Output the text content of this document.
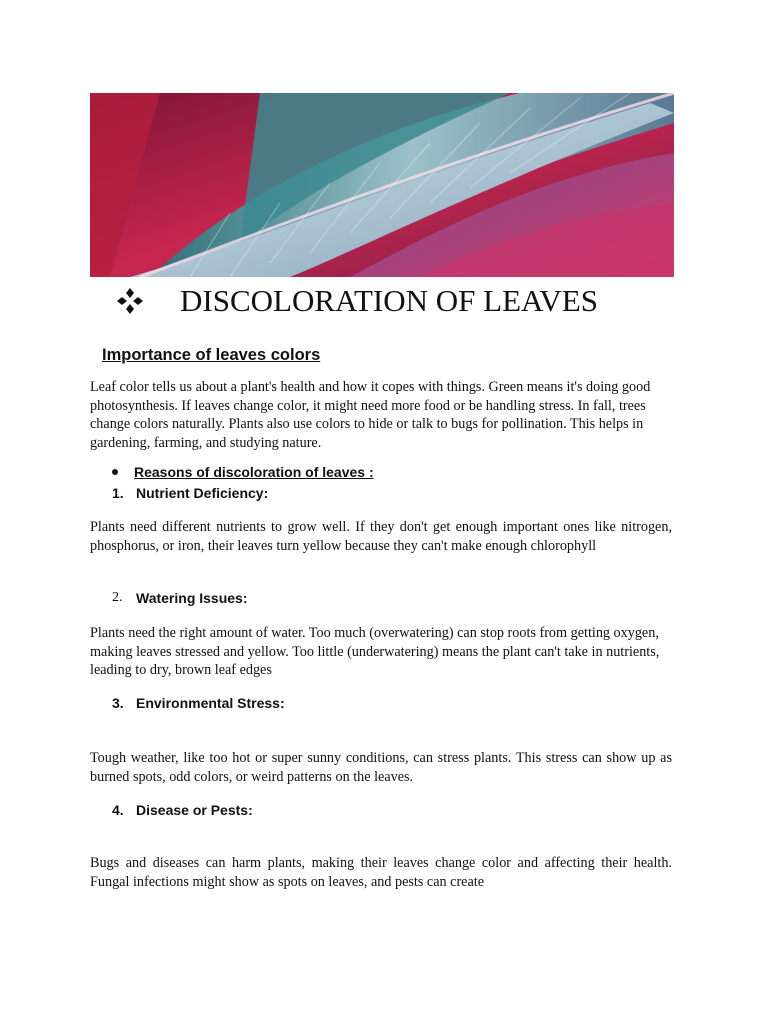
DISCOLORATION OF LEAVES
Importance of leaves colors
Leaf color tells us about a plant's health and how it copes with things. Green means it's doing good photosynthesis. If leaves change color, it might need more food or be handling stress. In fall, trees change colors naturally. Plants also use colors to hide or talk to bugs for pollination. This helps in gardening, farming, and studying nature.
Reasons of discoloration of leaves :
1. Nutrient Deficiency:
Plants need different nutrients to grow well. If they don't get enough important ones like nitrogen, phosphorus, or iron, their leaves turn yellow because they can't make enough chlorophyll
2. Watering Issues:
Plants need the right amount of water. Too much (overwatering) can stop roots from getting oxygen, making leaves stressed and yellow. Too little (underwatering) means the plant can't take in nutrients, leading to dry, brown leaf edges
3. Environmental Stress:
Tough weather, like too hot or super sunny conditions, can stress plants. This stress can show up as burned spots, odd colors, or weird patterns on the leaves.
4. Disease or Pests:
Bugs and diseases can harm plants, making their leaves change color and affecting their health. Fungal infections might show as spots on leaves, and pests can create
